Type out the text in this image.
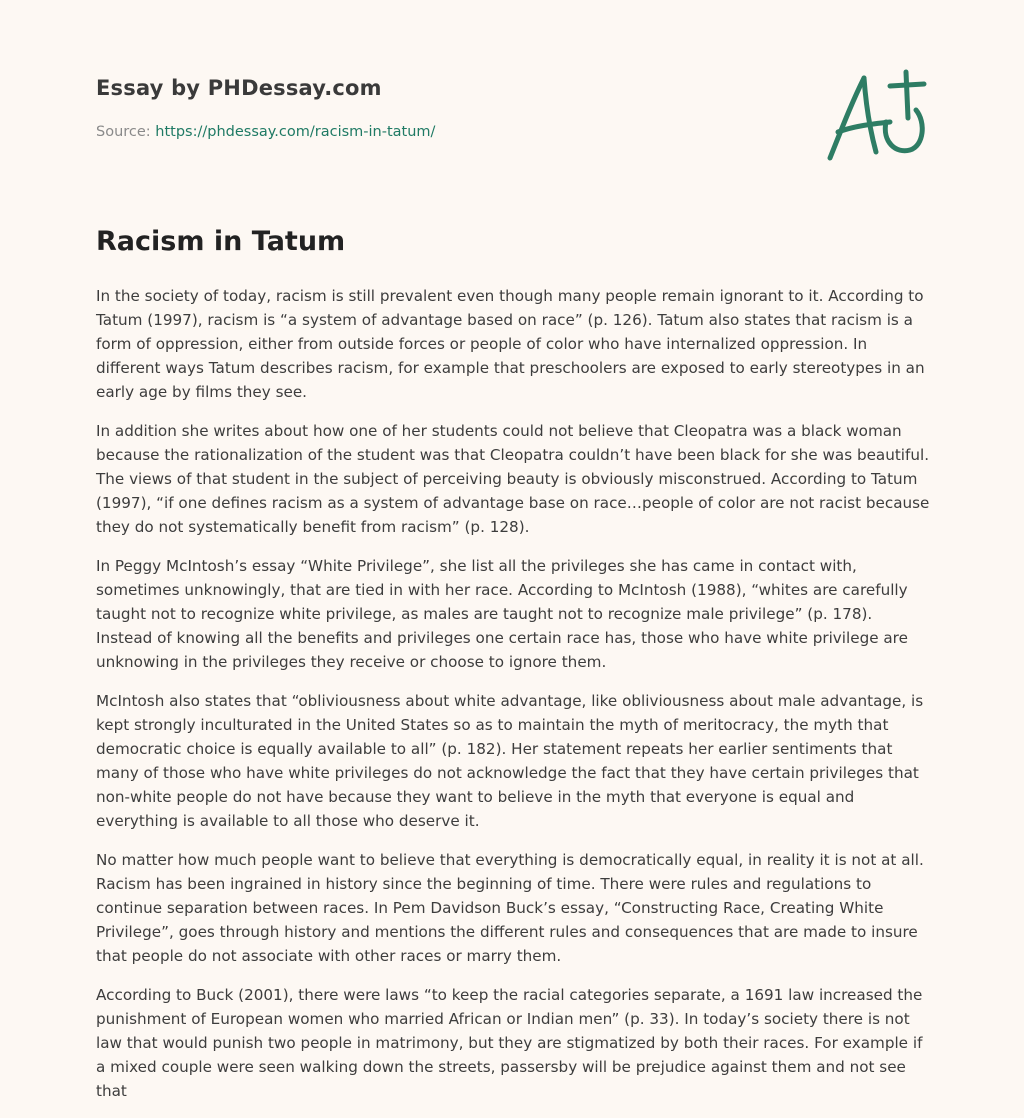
Essay by PHDessay.com
Source: https://phdessay.com/racism-in-tatum/
Racism in Tatum

In the society of today, racism is still prevalent even though many people remain ignorant to it. According to Tatum (1997), racism is “a system of advantage based on race” (p. 126). Tatum also states that racism is a form of oppression, either from outside forces or people of color who have internalized oppression. In different ways Tatum describes racism, for example that preschoolers are exposed to early stereotypes in an early age by films they see.

In addition she writes about how one of her students could not believe that Cleopatra was a black woman because the rationalization of the student was that Cleopatra couldn’t have been black for she was beautiful. The views of that student in the subject of perceiving beauty is obviously misconstrued. According to Tatum (1997), “if one defines racism as a system of advantage base on race…people of color are not racist because they do not systematically benefit from racism” (p. 128).

In Peggy McIntosh’s essay “White Privilege”, she list all the privileges she has came in contact with, sometimes unknowingly, that are tied in with her race. According to McIntosh (1988), “whites are carefully taught not to recognize white privilege, as males are taught not to recognize male privilege” (p. 178). Instead of knowing all the benefits and privileges one certain race has, those who have white privilege are unknowing in the privileges they receive or choose to ignore them.

McIntosh also states that “obliviousness about white advantage, like obliviousness about male advantage, is kept strongly inculturated in the United States so as to maintain the myth of meritocracy, the myth that democratic choice is equally available to all” (p. 182). Her statement repeats her earlier sentiments that many of those who have white privileges do not acknowledge the fact that they have certain privileges that non-white people do not have because they want to believe in the myth that everyone is equal and everything is available to all those who deserve it.

No matter how much people want to believe that everything is democratically equal, in reality it is not at all. Racism has been ingrained in history since the beginning of time. There were rules and regulations to continue separation between races. In Pem Davidson Buck’s essay, “Constructing Race, Creating White Privilege”, goes through history and mentions the different rules and consequences that are made to insure that people do not associate with other races or marry them.

According to Buck (2001), there were laws “to keep the racial categories separate, a 1691 law increased the punishment of European women who married African or Indian men” (p. 33). In today’s society there is not law that would punish two people in matrimony, but they are stigmatized by both their races. For example if a mixed couple were seen walking down the streets, passersby will be prejudice against them and not see that
